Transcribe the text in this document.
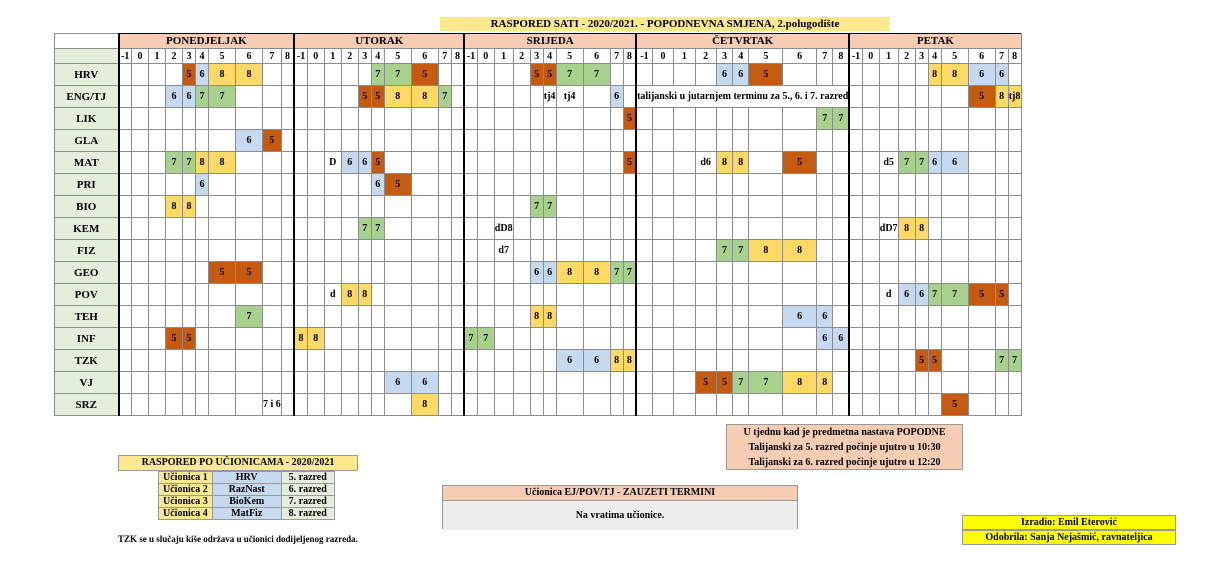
RASPORED SATI - 2020/2021. - POPODNEVNA SMJENA, 2.polugodište
	PONEDJELJAK										UTORAK										SRIJEDA										ČETVRTAK										PETAK									
	-1	0	1	2	3	4	5	6	7	8	-1	0	1	2	3	4	5	6	7	8	-1	0	1	2	3	4	5	6	7	8	-1	0	1	2	3	4	5	6	7	8	-1	0	1	2	3	4	5	6	7	8
HRV					5	6	8	8								7	7	5							5	5	7	7							6	6	5									8	8	6	6	
ENG/TJ				6	6	7	7								5	5	8	8	7							tj4	tj4		6		talijanski u jutarnjem terminu za 5., 6. i 7. razred																	5	8	tj8
LIK																														5									7	7										
GLA								6	5																																									
MAT				7	7	8	8						D	6	6	5														5				d6	8	8		5					d5	7	7	6	6			
PRI						6										6	5																																	
BIO				8	8																				7	7																								
KEM															7	7							dD8																				dD7	8	8					
FIZ																							d7												7	7	8	8												
GEO							5	5																	6	6	8	8	7	7																				
POV													d	8	8																												d	6	6	7	7	5	5	
TEH								7																	8	8												6	6											
INF				5	5						8	8									7	7																	6	6										
TZK																											6	6	8	8															5	5			7	7
VJ																	6	6																5	5	7	7	8	8											
SRZ									7 i 6									8																													5			
U tjednu kad je predmetna nastava POPODNE
Talijanski za 5. razred počinje ujutro u 10:30
Talijanski za 6. razred počinje ujutro u 12:20
RASPORED PO UČIONICAMA - 2020/2021
Učionica 1	HRV	5. razred
Učionica 2	RazNast	6. razred
Učionica 3	BioKem	7. razred
Učionica 4	MatFiz	8. razred
TZK se u slučaju kiše održava u učionici dodijeljenog razreda.
Učionica EJ/POV/TJ - ZAUZETI TERMINI
Na vratima učionice.
Izradio: Emil Eterović
Odobrila: Sanja Nejašmić, ravnateljica
